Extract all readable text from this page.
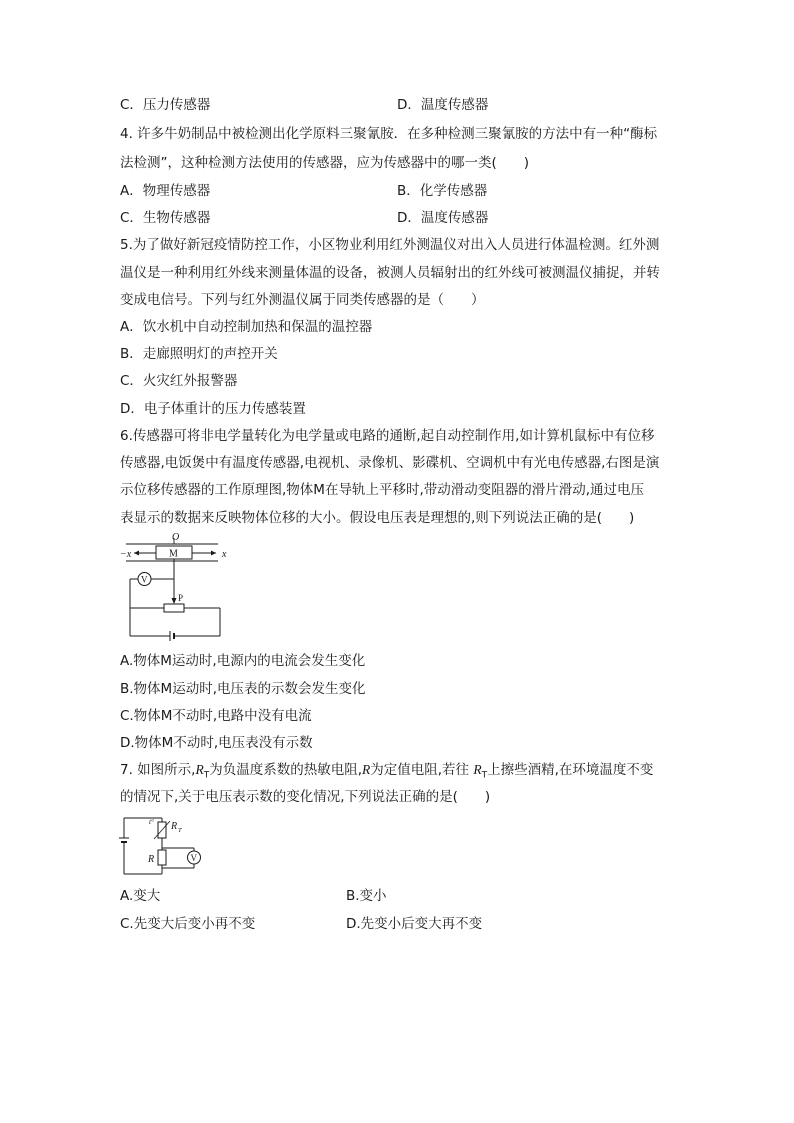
C．压力传感器	D．温度传感器
4. 许多牛奶制品中被检测出化学原料三聚氰胺．在多种检测三聚氰胺的方法中有一种“酶标
法检测”，这种检测方法使用的传感器，应为传感器中的哪一类(　　)
A．物理传感器	B．化学传感器
C．生物传感器	D．温度传感器
5.为了做好新冠疫情防控工作，小区物业利用红外测温仪对出入人员进行体温检测。红外测
温仪是一种利用红外线来测量体温的设备，被测人员辐射出的红外线可被测温仪捕捉，并转
变成电信号。下列与红外测温仪属于同类传感器的是（　　）
A．饮水机中自动控制加热和保温的温控器
B．走廊照明灯的声控开关
C．火灾红外报警器
D．电子体重计的压力传感装置
6.传感器可将非电学量转化为电学量或电路的通断,起自动控制作用,如计算机鼠标中有位移
传感器,电饭煲中有温度传感器,电视机、录像机、影碟机、空调机中有光电传感器,右图是演
示位移传感器的工作原理图,物体M在导轨上平移时,带动滑动变阻器的滑片滑动,通过电压
表显示的数据来反映物体位移的大小。假设电压表是理想的,则下列说法正确的是(　　)
O
−x	x
M
V
P
A.物体M运动时,电源内的电流会发生变化
B.物体M运动时,电压表的示数会发生变化
C.物体M不动时,电路中没有电流
D.物体M不动时,电压表没有示数
7. 如图所示$,R_T$为负温度系数的热敏电阻,R为定值电阻,若往 $R_T$上擦些酒精,在环境温度不变
的情况下,关于电压表示数的变化情况,下列说法正确的是(　　)
t° R T
R	V
A.变大	B.变小
C.先变大后变小再不变	D.先变小后变大再不变
